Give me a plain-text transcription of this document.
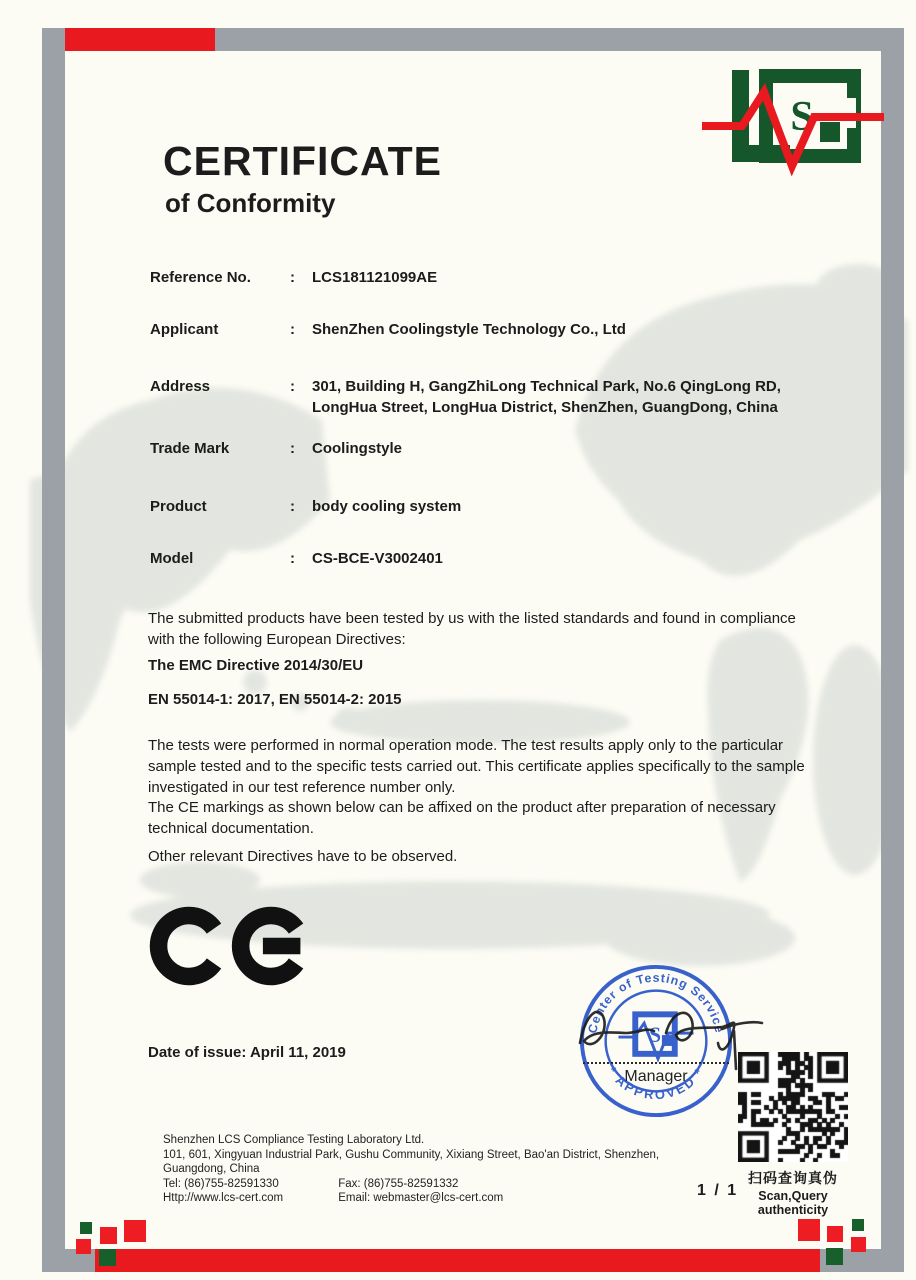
S
CERTIFICATE
of Conformity
Reference No.	:	LCS181121099AE
Applicant	:	ShenZhen Coolingstyle Technology Co., Ltd
Address	:	301, Building H, GangZhiLong Technical Park, No.6 QingLong RD, LongHua Street, LongHua District, ShenZhen, GuangDong, China
Trade Mark	:	Coolingstyle
Product	:	body cooling system
Model	:	CS-BCE-V3002401
The submitted products have been tested by us with the listed standards and found in compliance with the following European Directives:
The EMC Directive 2014/30/EU
EN 55014-1: 2017, EN 55014-2: 2015
The tests were performed in normal operation mode. The test results apply only to the particular sample tested and to the specific tests carried out. This certificate applies specifically to the sample investigated in our test reference number only.
The CE markings as shown below can be affixed on the product after preparation of necessary technical documentation.
Other relevant Directives have to be observed.
Date of issue: April 11, 2019
Center of Testing Service
* APPROVED *
S
Manager
扫码查询真伪
Scan,Query authenticity
1 / 1
Shenzhen LCS Compliance Testing Laboratory Ltd.
101, 601, Xingyuan Industrial Park, Gushu Community, Xixiang Street, Bao'an District, Shenzhen,
Guangdong, China
Tel: (86)755-82591330	Fax: (86)755-82591332
Http://www.lcs-cert.com	Email: webmaster@lcs-cert.com
